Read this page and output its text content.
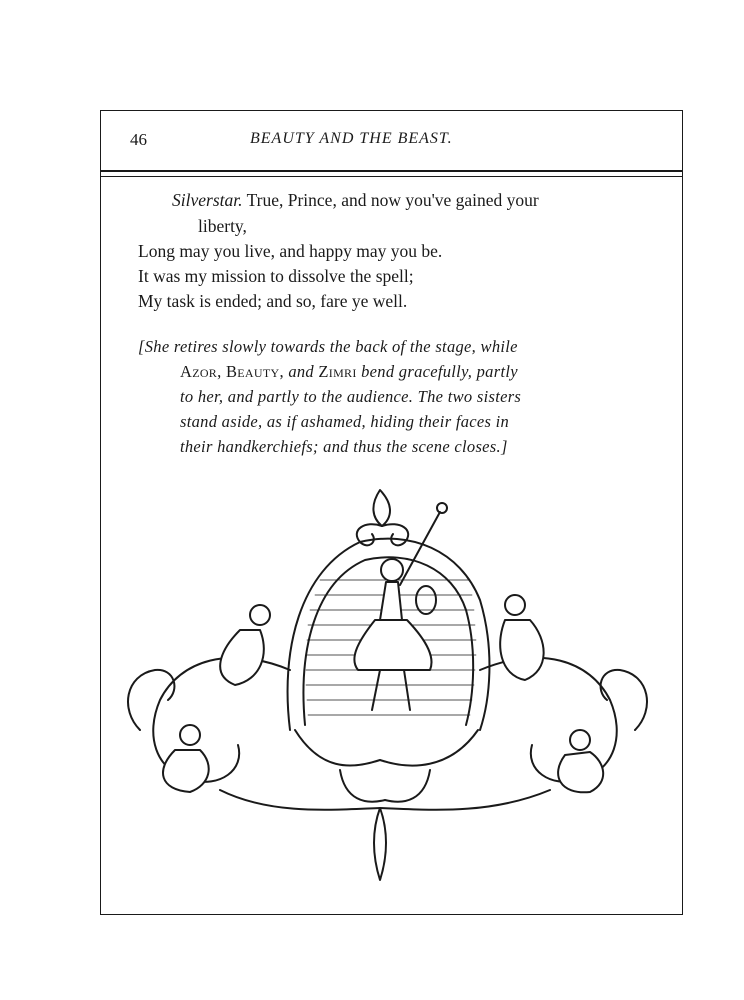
46	BEAUTY AND THE BEAST.
Silverstar. True, Prince, and now you've gained your
liberty,
Long may you live, and happy may you be.
It was my mission to dissolve the spell;
My task is ended; and so, fare ye well.
[She retires slowly towards the back of the stage, while
Azor, Beauty, and Zimri bend gracefully, partly
to her, and partly to the audience. The two sisters
stand aside, as if ashamed, hiding their faces in
their handkerchiefs; and thus the scene closes.]
